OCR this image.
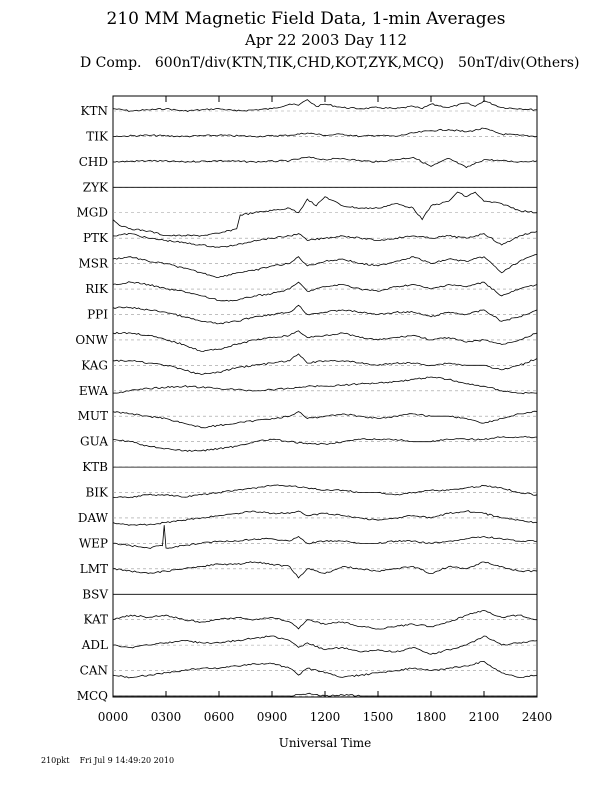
210 MM Magnetic Field Data, 1-min Averages
Apr 22 2003 Day 112
D Comp. 600nT/div(KTN,TIK,CHD,KOT,ZYK,MCQ) 50nT/div(Others)
KTN
TIK
CHD
ZYK
MGD
PTK
MSR
RIK
PPI
ONW
KAG
EWA
MUT
GUA
KTB
BIK
DAW
WEP
LMT
BSV
KAT
ADL
CAN
MCQ
0000 0300 0600 0900 1200 1500 1800 2100 2400
Universal Time
210pkt Fri Jul 9 14:49:20 2010
